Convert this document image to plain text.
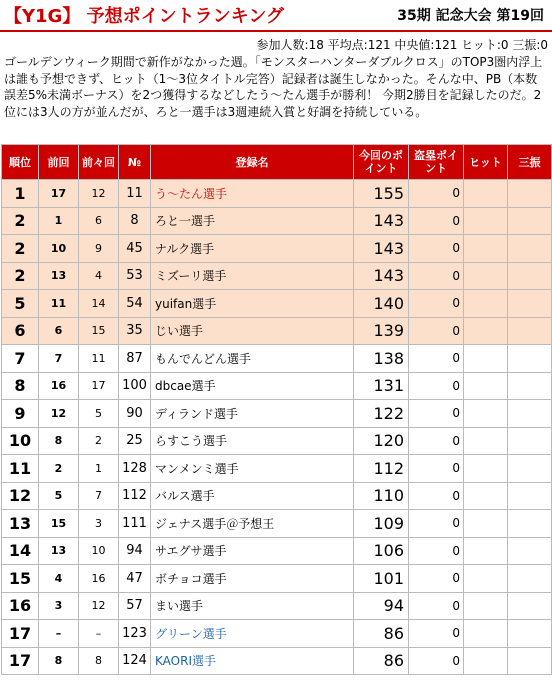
【Y1G】 予想ポイントランキング	35期 記念大会 第19回
参加人数:18 平均点:121 中央値:121 ヒット:0 三振:0
ゴールデンウィーク期間で新作がなかった週。「モンスターハンターダブルクロス」のTOP3圏内浮上は誰も予想できず、ヒット（1～3位タイトル完答）記録者は誕生しなかった。そんな中、PB（本数誤差5%未満ボーナス）を2つ獲得するなどしたう～たん選手が勝利！ 今期2勝目を記録したのだ。2位には3人の方が並んだが、ろと一選手は3週連続入賞と好調を持続している。
順位	前回	前々回	№	登録名	今回のポイント	盗塁ポイント	ヒット	三振
1	17	12	11	う～たん選手	155	0		
2	1	6	8	ろと一選手	143	0		
2	10	9	45	ナルク選手	143	0		
2	13	4	53	ミズーリ選手	143	0		
5	11	14	54	yuifan選手	140	0		
6	6	15	35	じい選手	139	0		
7	7	11	87	もんでんどん選手	138	0		
8	16	17	100	dbcae選手	131	0		
9	12	5	90	ディランド選手	122	0		
10	8	2	25	らすこう選手	120	0		
11	2	1	128	マンメンミ選手	112	0		
12	5	7	112	バルス選手	110	0		
13	15	3	111	ジェナス選手＠予想王	109	0		
14	13	10	94	サエグサ選手	106	0		
15	4	16	47	ボチョコ選手	101	0		
16	3	12	57	まい選手	94	0		
17	–	–	123	グリーン選手	86	0		
17	8	8	124	KAORI選手	86	0		
